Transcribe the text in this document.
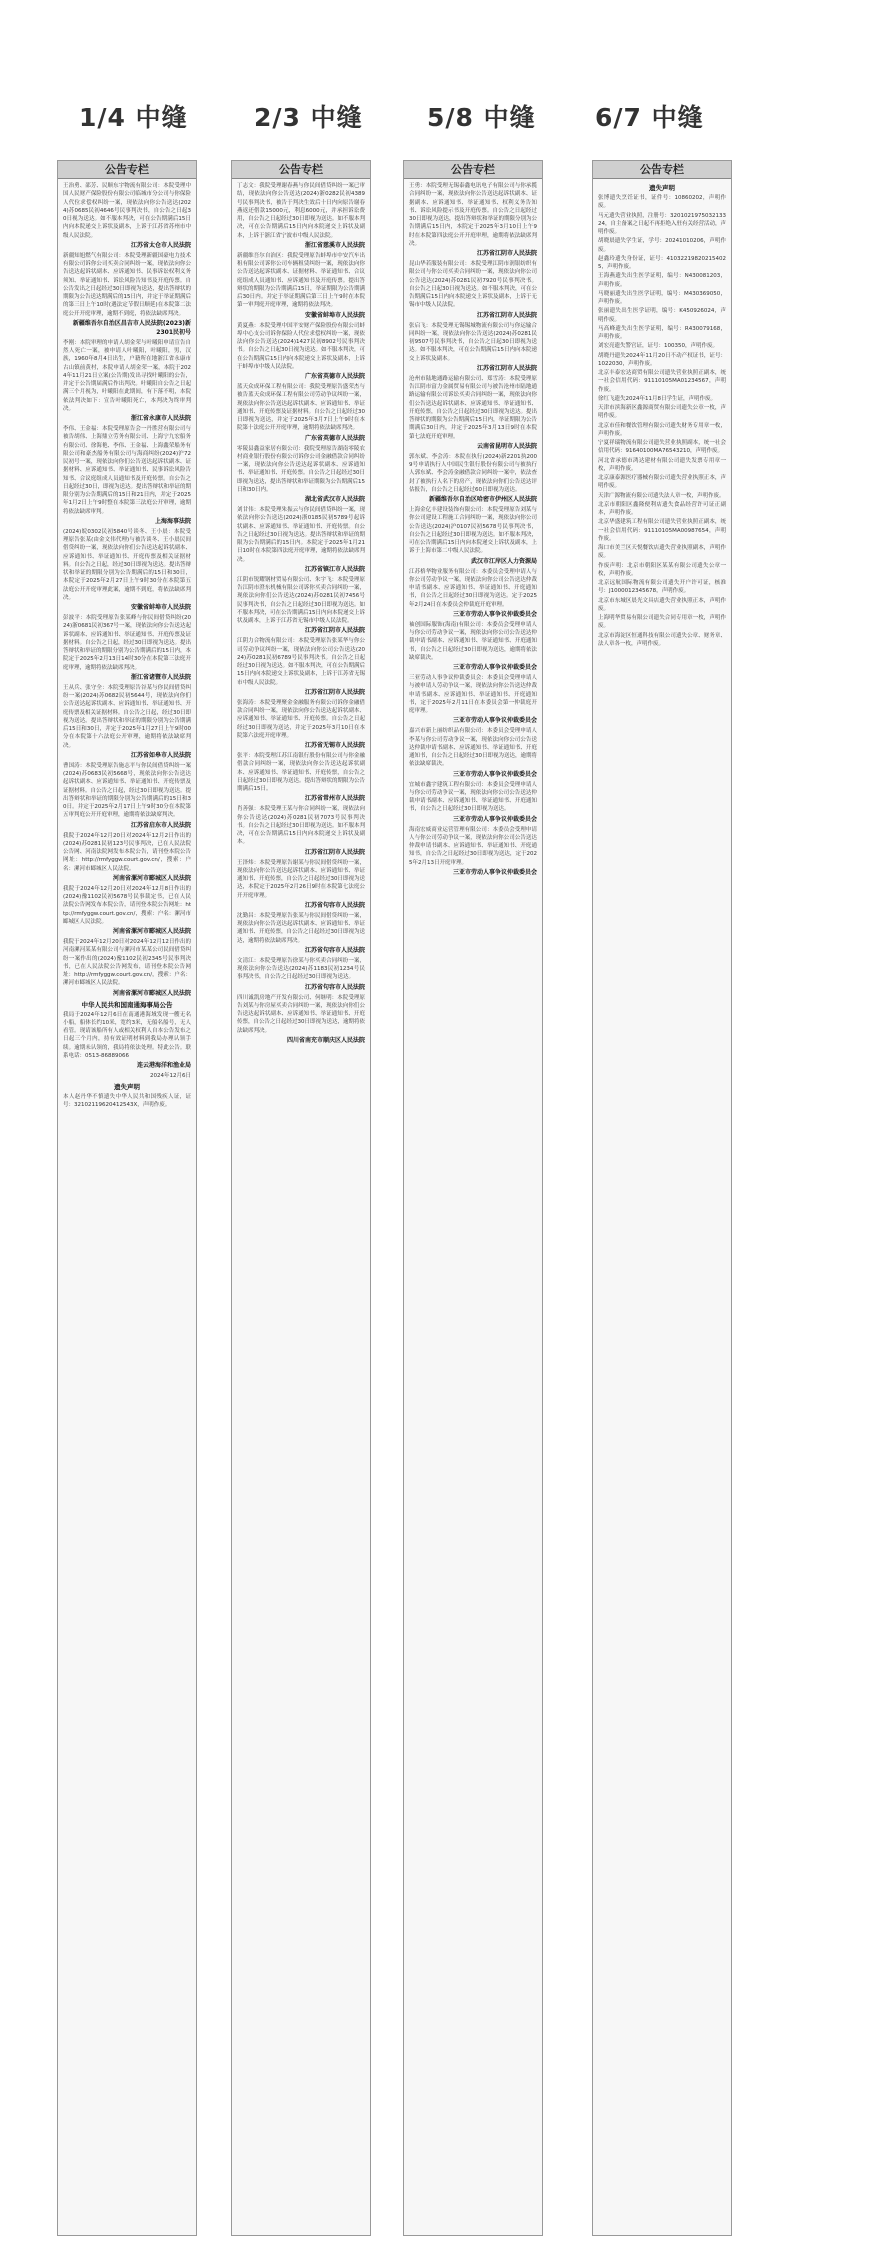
1/4 中缝	2/3 中缝	5/8 中缝 6/7 中缝
公告专栏
王治勇、邵芳、民顺东宇物流有限公司：本院受理中国人民财产保险股份有限公司临城市分公司与你保险人代位求偿权纠纷一案，现依法向你公告送达(2024)苏0685民初4646号民事判决书，自公告之日起30日视为送达。如不服本判决，可在公告期满后15日内向本院递交上诉状及副本，上诉于江苏省苏州市中级人民法院。
江苏省太仓市人民法院
新疆知旭燃气有限公司：本院受理新疆国豪电力技术有限公司诉你公司买卖合同纠纷一案，现依法向你公告送达起诉状副本、应诉通知书、民事诉讼权利义务须知、举证通知书、诉讼风险告知书及开庭传票。自公告发出之日起经过30日即视为送达，提出答辩状的期限为公告送达期满后的15日内，并定于举证期满后的第三日上午10时(遇法定节假日顺延)在本院第二法庭公开开庭审理，逾期不到庭，将依法缺席判决。
新疆维吾尔自治区昌吉市人民法院(2023)新2301民初号
李刚：本院审理的申请人胡金荣与叶曦阳申请宣告自然人死亡一案，被申请人叶曦阳，叶曦阳，男，汉族，1960年8月4日出生，户籍所在地浙江省永康市古山镇前黄村，本院申请人胡金荣一案，本院于2024年11月21日立案(公告期)发出寻找叶曦阳的公告，并定于公告期届满后作出判决。叶曦阳自公告之日起满三个月视为，叶曦阳在此期间，有下落不明，本院依法判决如下：宣告叶曦阳死亡，本判决为终审判决。
浙江省永康市人民法院
李伟、王金福：本院受理原告会一丹胜营有限公司与被告胡伟、上海鼎立劳务有限公司、上海宁九宏船务有限公司、徐海艳、李伟、王金福、上海鑫荣船务有限公司和豪杰船务有限公司与海商纠纷(2024)沪72民初号一案，现依法向你们公告送达起诉状副本、证据材料、应诉通知书、举证通知书、民事诉讼风险告知书、合议庭组成人员通知书及开庭传票。自公告之日起经过30日，即视为送达。提出答辩状和举证的期限分别为公告期满后的15日和21日内，并定于2025年1月2日上午9时整在本院第三法庭公开审理，逾期将依法缺席审判。
上海海事法院
(2024)皖0302民初5840号谈冬、王小晨：本院受理原告张某(由金文伟代理)与被告谈冬、王小晨民间借贷纠纷一案，现依法向你们公告送达起诉状副本、应诉通知书、举证通知书、开庭传票及相关证据材料。自公告之日起，经过30日即视为送达。提出答辩状和举证的期限分别为公告期满后的15日和30日，本院定于2025年2月27日上午9时30分在本院第五法庭公开开庭审理此案，逾期不到庭，将依法缺席判决。
安徽省蚌埠市人民法院
彭波平：本院受理原告张某峰与你民间借贷纠纷(2024)浙0681民初367号一案，现依法向你公告送达起诉状副本、应诉通知书、举证通知书、开庭传票及证据材料。自公告之日起，经过30日即视为送达。提出答辩状和举证的期限分别为公告期满后的15日内，本院定于2025年2月13日14时30分在本院第三法庭开庭审理，逾期将依法缺席判决。
浙江省诸暨市人民法院
王从兵、张守全：本院受理原告谷某与你民间借贷纠纷一案(2024)苏0682民初5644号，现依法向你们公告送达起诉状副本、应诉通知书、举证通知书、开庭传票及相关证据材料。自公告之日起，经过30日即视为送达。提出答辩状和举证的期限分别为公告期满后15日和30日，并定于2025年1月27日上午9时00分在本院第十六法庭公开审理，逾期将依法缺席判决。
江苏省如皋市人民法院
曹国涛：本院受理原告施志平与你民间借贷纠纷一案(2024)苏0683民初5668号，现依法向你公告送达起诉状副本、应诉通知书、举证通知书、开庭传票及证据材料。自公告之日起，经过30日即视为送达。提出答辩状和举证的期限分别为公告期满后的15日和30日。并定于2025年2月17日上午9时30分在本院第五审判庭公开开庭审理，逾期将依法缺席判决。
江苏省启东市人民法院
我院于2024年12月20日对2024年12月2日作出的(2024)苏0281民初123号民事判决，已在人民法院公告网、河南法院网发布本院公告，请刊登本院公告网址：http://rmfyggw.court.gov.cn/，搜索：户名：漯河市郾城区人民法院。
河南省漯河市郾城区人民法院
我院于2024年12月20日对2024年12月8日作出的(2024)豫1102民初5678号民事裁定书，已在人民法院公告网发布本院公告，请刊登本院公告网址：http://rmfyggw.court.gov.cn/，搜索：户名：漯河市郾城区人民法院。
河南省漯河市郾城区人民法院
我院于2024年12月20日对2024年12月12日作出的河南漯河某某有限公司与漯河市某某公司民间借贷纠纷一案作出的(2024)豫1102民初2345号民事判决书，已在人民法院公告网发布，请刊登本院公告网址：http://rmfyggw.court.gov.cn/，搜索：户名：漯河市郾城区人民法院。
河南省漯河市郾城区人民法院
中华人民共和国南通海事局公告
我局于2024年12月6日在南通港海域发现一艘无名小船，船体长约10米，宽约3米，无船名船号，无人看管。现请该船所有人或相关权利人自本公告发布之日起三个月内，持有效证明材料到我局办理认领手续。逾期未认领的，我局将依法处理。特此公告。联系电话：0513-86889066
连云港海洋和渔业局
2024年12月6日
遗失声明
本人赵丹华不慎遗失中华人民共和国残疾人证，证号：32102119620412543X，声明作废。
公告专栏
丁志文：我院受理谢春燕与你民间借贷纠纷一案已审结，现依法向你公告送达(2024)浙0282民初4389号民事判决书，被告于判决生效后十日内向原告谢春燕返还借款15000元，利息6000元，并承担诉讼费用，自公告之日起经过30日即视为送达。如不服本判决，可在公告期满后15日内向本院递交上诉状及副本，上诉于浙江省宁波市中级人民法院。
浙江省慈溪市人民法院
新疆维吾尔自治区：我院受理原告蚌埠市中安汽车出租有限公司诉你公司车辆租赁纠纷一案，现依法向你公告送达起诉状副本、证据材料、举证通知书、合议庭组成人员通知书、应诉通知书及开庭传票。提出答辩状的期限为公告期满后15日，举证期限为公告期满后30日内。并定于举证期满后第三日上午9时在本院第一审判庭开庭审理，逾期将依法判决。
安徽省蚌埠市人民法院
黄夏燕：本院受理中国平安财产保险股份有限公司蚌埠中心支公司诉你保险人代位求偿权纠纷一案，现依法向你公告送达(2024)1427民初8902号民事判决书。自公告之日起30日视为送达。如不服本判决，可在公告期满后15日内向本院递交上诉状及副本，上诉于蚌埠市中级人民法院。
广东省英德市人民法院
蓝天众成环保工程有限公司：我院受理原告盛荣杰与被告蓝天众成环保工程有限公司劳动争议纠纷一案，现依法向你公告送达起诉状副本、应诉通知书、举证通知书、开庭传票及证据材料。自公告之日起经过30日即视为送达，并定于2025年3月7日上午9时在本院第十法庭公开开庭审理，逾期将依法缺席判决。
广东省英德市人民法院
零陵县鑫益家居有限公司：我院受理原告湖南零陵农村商业银行股份有限公司诉你公司金融借款合同纠纷一案，现依法向你公告送达起诉状副本、应诉通知书、举证通知书、开庭传票。自公告之日起经过30日即视为送达，提出答辩状和举证期限为公告期满后15日和30日内。
湖北省武汉市人民法院
刘甘伟：本院受理朱振云与你民间借贷纠纷一案，现依法向你公告送达(2024)浙0185民初5789号起诉状副本、应诉通知书、举证通知书、开庭传票。自公告之日起经过30日视为送达。提出答辩状和举证的期限为公告期满后的15日内。本院定于2025年1月21日10时在本院第四法庭开庭审理，逾期将依法缺席判决。
江苏省镇江市人民法院
江阴市锐耀钢材贸易有限公司、朱宇飞：本院受理原告江阴市澄东机械有限公司诉你买卖合同纠纷一案，现依法向你们公告送达(2024)苏0281民初7456号民事判决书，自公告之日起经过30日即视为送达。如不服本判决，可在公告期满后15日内向本院递交上诉状及副本，上诉于江苏省无锡市中级人民法院。
江苏省江阴市人民法院
江阴力合物流有限公司：本院受理原告张某华与你公司劳动争议纠纷一案，现依法向你公司公告送达(2024)苏0281民初6789号民事判决书。自公告之日起经过30日视为送达。如不服本判决，可在公告期满后15日内向本院递交上诉状及副本，上诉于江苏省无锡市中级人民法院。
江苏省江阴市人民法院
张海涛：本院受理聚金金融服务有限公司诉你金融借款合同纠纷一案，现依法向你公告送达起诉状副本、应诉通知书、举证通知书、开庭传票。自公告之日起经过30日即视为送达，并定于2025年3月10日在本院第六法庭开庭审理。
江苏省无锡市人民法院
张平：本院受理江苏江南银行股份有限公司与你金融借款合同纠纷一案，现依法向你公告送达起诉状副本、应诉通知书、举证通知书、开庭传票，自公告之日起经过30日即视为送达。提出答辩状的期限为公告期满后15日。
江苏省常州市人民法院
肖善强：本院受理王某与你合同纠纷一案，现依法向你公告送达(2024)苏0281民初7073号民事判决书。自公告之日起经过30日即视为送达。如不服本判决，可在公告期满后15日内向本院递交上诉状及副本。
江苏省江阴市人民法院
王泽炜：本院受理原告谢某与你民间借贷纠纷一案，现依法向你公告送达起诉状副本、应诉通知书、举证通知书、开庭传票，自公告之日起经过30日即视为送达，本院定于2025年2月26日9时在本院第七法庭公开开庭审理。
江苏省句容市人民法院
沈勤昌：本院受理原告张某与你民间借贷纠纷一案，现依法向你公告送达起诉状副本、应诉通知书、举证通知书、开庭传票，自公告之日起经过30日即视为送达，逾期将依法缺席判决。
江苏省句容市人民法院
文清江：本院受理原告徐某与你买卖合同纠纷一案，现依法向你公告送达(2024)苏1183民初1234号民事判决书，自公告之日起经过30日即视为送达。
江苏省句容市人民法院
四川诚凯房地产开发有限公司、何继明：本院受理原告刘某与你房屋买卖合同纠纷一案，现依法向你们公告送达起诉状副本、应诉通知书、举证通知书、开庭传票，自公告之日起经过30日即视为送达，逾期将依法缺席判决。
四川省南充市顺庆区人民法院
公告专栏
王勇：本院受理无锡泰鑫电讯电子有限公司与你承揽合同纠纷一案，现依法向你公告送达起诉状副本、证据副本、应诉通知书、举证通知书、权利义务告知书、诉讼风险提示书及开庭传票。自公告之日起经过30日即视为送达，提出答辩状和举证的期限分别为公告期满后15日内，本院定于2025年3月10日上午9时在本院第四法庭公开开庭审理，逾期将依法缺席判决。
江苏省江阴市人民法院
昆山华若服装有限公司：本院受理江阴市润银纺织有限公司与你公司买卖合同纠纷一案，现依法向你公司公告送达(2024)苏0281民初7920号民事判决书。自公告之日起30日视为送达。如不服本判决，可在公告期满后15日内向本院递交上诉状及副本，上诉于无锡市中级人民法院。
江苏省江阴市人民法院
张启飞：本院受理无锡锡城物流有限公司与你运输合同纠纷一案，现依法向你公告送达(2024)苏0281民初9507号民事判决书，自公告之日起30日即视为送达。如不服本判决，可在公告期满后15日内向本院递交上诉状及副本。
江苏省江阴市人民法院
沧州市陆地通路运输有限公司、郑雪涛：本院受理原告江阴市富力金属贸易有限公司与被告沧州市陆地通路运输有限公司诉讼买卖合同纠纷一案，现依法向你们公告送达起诉状副本、应诉通知书、举证通知书、开庭传票，自公告之日起经过30日即视为送达。提出答辩状的期限为公告期满后15日内，举证期限为公告期满后30日内，并定于2025年3月13日9时在本院第七法庭开庭审理。
云南省昆明市人民法院
郭东斌、李会涛：本院在执行(2024)新2201执2009号申请执行人中国民生银行股份有限公司与被执行人郭东斌、李会涛金融借款合同纠纷一案中，依法查封了被执行人名下的房产，现依法向你们公告送达评估报告，自公告之日起经过60日即视为送达。
新疆维吾尔自治区哈密市伊州区人民法院
上海金亿丰建设装饰有限公司：本院受理原告刘某与你公司建设工程施工合同纠纷一案，现依法向你公司公告送达(2024)沪0107民初5678号民事判决书，自公告之日起经过30日即视为送达。如不服本判决，可在公告期满后15日内向本院递交上诉状及副本，上诉于上海市第二中级人民法院。
武汉市江岸区人力资源局
江苏格华物业服务有限公司：本委员会受理申请人与你公司劳动争议一案，现依法向你公司公告送达仲裁申请书副本、应诉通知书、举证通知书、开庭通知书，自公告之日起经过30日即视为送达。定于2025年2月24日在本委员会仲裁庭开庭审理。
三亚市劳动人事争议仲裁委员会
袖创国际服饰(海南)有限公司：本委员会受理申请人与你公司劳动争议一案，现依法向你公司公告送达仲裁申请书副本、应诉通知书、举证通知书、开庭通知书，自公告之日起经过30日即视为送达，逾期将依法缺席裁决。
三亚市劳动人事争议仲裁委员会
三亚劳动人事争议仲裁委员会：本委员会受理申请人与被申请人劳动争议一案，现依法向你公告送达仲裁申请书副本、应诉通知书、举证通知书、开庭通知书，定于2025年2月11日在本委员会第一仲裁庭开庭审理。
三亚市劳动人事争议仲裁委员会
嘉兴市新上丽纺织品有限公司：本委员会受理申请人李某与你公司劳动争议一案，现依法向你公司公告送达仲裁申请书副本、应诉通知书、举证通知书、开庭通知书，自公告之日起经过30日即视为送达，逾期将依法缺席裁决。
三亚市劳动人事争议仲裁委员会
宜城市鑫宇建筑工程有限公司：本委员会受理申请人与你公司劳动争议一案，现依法向你公司公告送达仲裁申请书副本、应诉通知书、举证通知书、开庭通知书，自公告之日起经过30日即视为送达。
三亚市劳动人事争议仲裁委员会
海南宏威商业运营管理有限公司：本委员会受理申请人与你公司劳动争议一案，现依法向你公司公告送达仲裁申请书副本、应诉通知书、举证通知书、开庭通知书，自公告之日起经过30日即视为送达，定于2025年2月13日开庭审理。
三亚市劳动人事争议仲裁委员会
公告专栏
遗失声明
张博遗失烹饪证书，证件号：10860202，声明作废。
马元遗失营业执照，注册号：320102197503213324，自主备案之日起不再拒绝入驻有关经营活动，声明作废。
胡晓晨遗失学生证，学号：20241010206，声明作废。
赵鑫玲遗失身份证，证号：410322198202154025，声明作废。
王海燕遗失出生医学证明，编号：N430081203，声明作废。
马晓丽遗失出生医学证明，编号：M430369050，声明作废。
张丽遗失出生医学证明，编号：K450926024，声明作废。
马高峰遗失出生医学证明，编号：R430079168，声明作废。
刘宏亮遗失警官证，证号：100350，声明作废。
胡晓丹遗失2024年11月20日不动产权证书，证号：1022030，声明作废。
北京丰泰宏达商贸有限公司遗失营业执照正副本，统一社会信用代码：91110105MA01234567，声明作废。
徐红飞遗失2024年11月8日学生证，声明作废。
天津市滨海新区鑫源商贸有限公司遗失公章一枚，声明作废。
北京市佳和餐饮管理有限公司遗失财务专用章一枚，声明作废。
宁夏祥瑞物流有限公司遗失营业执照副本，统一社会信用代码：91640100MA76543210，声明作废。
河北省承德市鸿达建材有限公司遗失发票专用章一枚，声明作废。
北京康泰源医疗器械有限公司遗失营业执照正本，声明作废。
天津广源物流有限公司遗失法人章一枚，声明作废。
北京市朝阳区鑫隆便利店遗失食品经营许可证正副本，声明作废。
北京华盛建筑工程有限公司遗失营业执照正副本，统一社会信用代码：91110105MA00987654，声明作废。
海口市美兰区天悦餐饮店遗失营业执照副本，声明作废。
作废声明：北京市朝阳区某某有限公司遗失公章一枚，声明作废。
北京远航国际物流有限公司遗失开户许可证，核准号：J1000012345678，声明作废。
北京市东城区晨光文具店遗失营业执照正本，声明作废。
上海明华贸易有限公司遗失合同专用章一枚，声明作废。
北京市海淀区恒通科技有限公司遗失公章、财务章、法人章各一枚，声明作废。
